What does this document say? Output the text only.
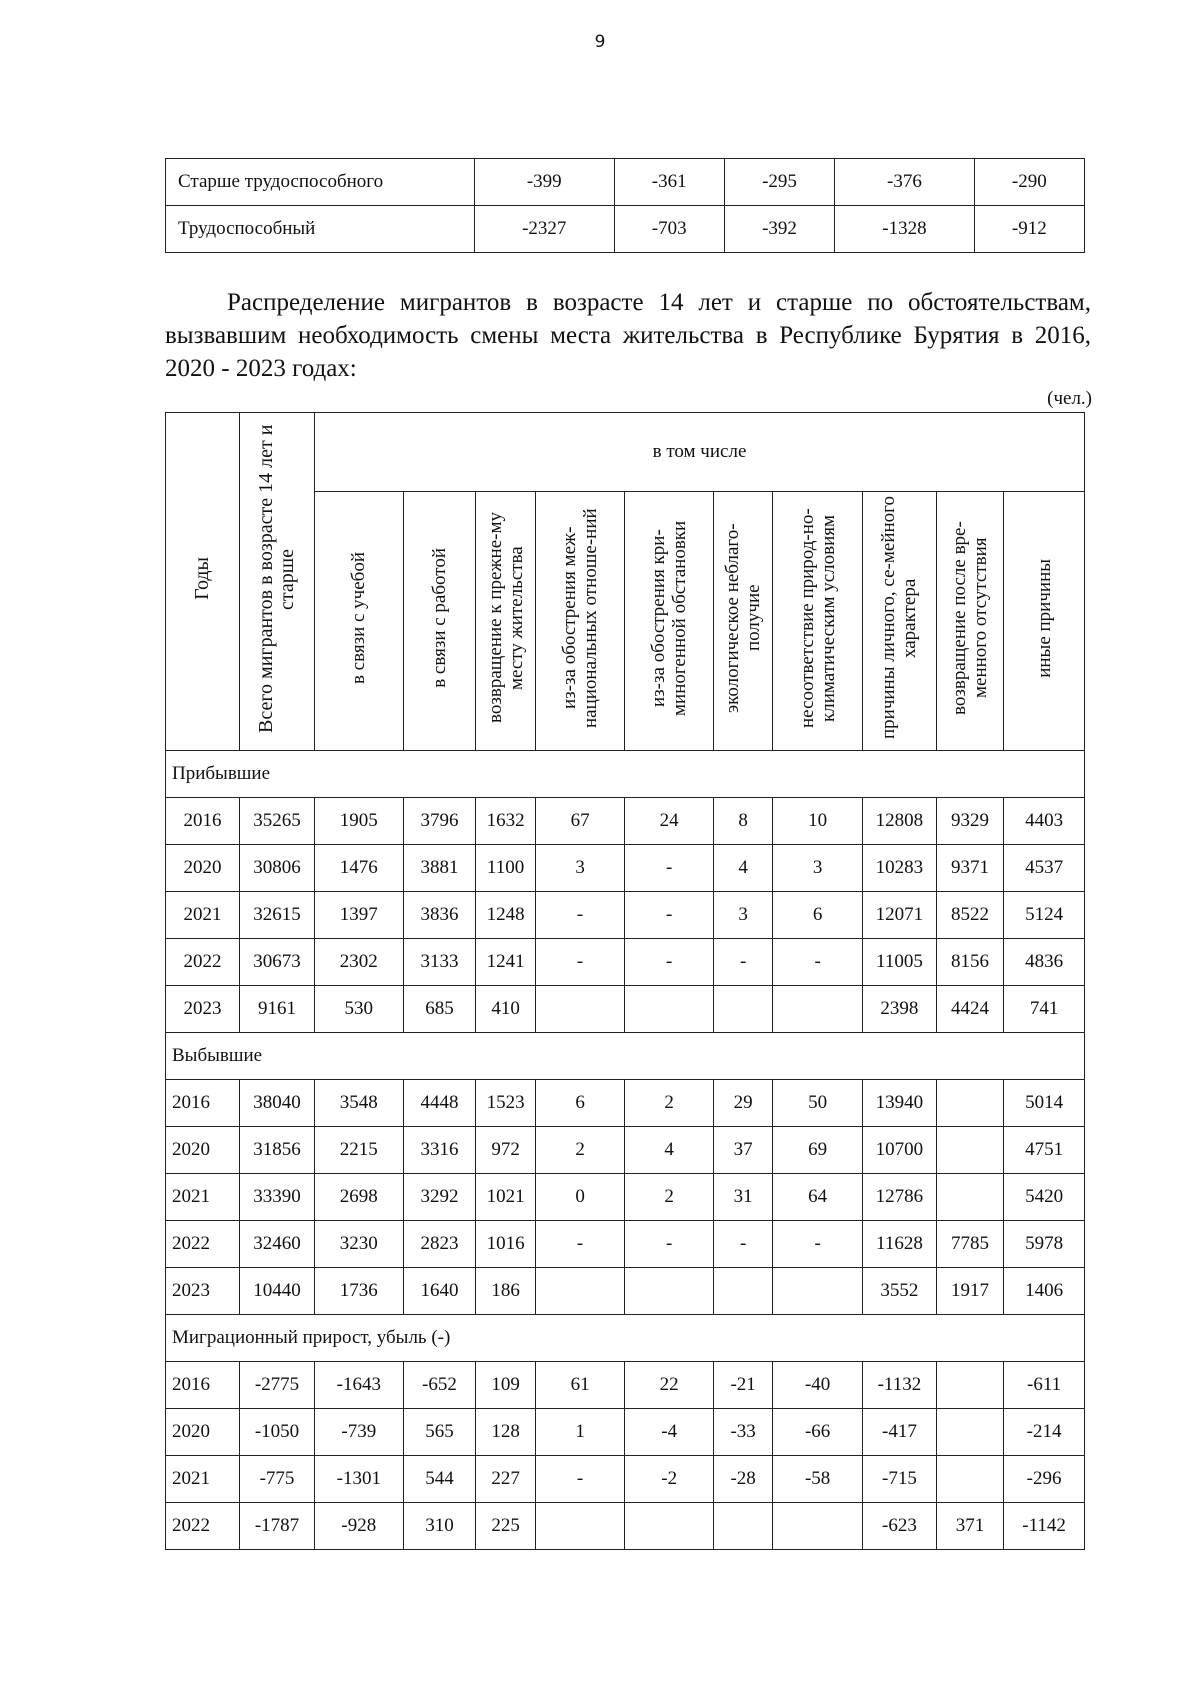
9
Старше трудоспособного	-399	-361	-295	-376	-290
Трудоспособный	-2327	-703	-392	-1328	-912
Распределение мигрантов в возрасте 14 лет и старше по обстоятельствам, вызвавшим необходимость смены места жительства в Республике Бурятия в 2016, 2020 - 2023 годах:
(чел.)
Годы	Всего мигрантов в возрасте 14 лет и старше	в том числе									
		в связи с учебой	в связи с работой	возвращение к прежне-му месту жительства	из-за обострения меж-национальных отноше-ний	из-за обострения кри-миногенной обстановки	экологическое неблаго-получие	несоответствие природ-но-климатическим условиям	причины личного, се-мейного характера	возвращение после вре-менного отсутствия	иные причины
Прибывшие											
2016	35265	1905	3796	1632	67	24	8	10	12808	9329	4403
2020	30806	1476	3881	1100	3	-	4	3	10283	9371	4537
2021	32615	1397	3836	1248	-	-	3	6	12071	8522	5124
2022	30673	2302	3133	1241	-	-	-	-	11005	8156	4836
2023	9161	530	685	410					2398	4424	741
Выбывшие											
2016	38040	3548	4448	1523	6	2	29	50	13940		5014
2020	31856	2215	3316	972	2	4	37	69	10700		4751
2021	33390	2698	3292	1021	0	2	31	64	12786		5420
2022	32460	3230	2823	1016	-	-	-	-	11628	7785	5978
2023	10440	1736	1640	186					3552	1917	1406
Миграционный прирост, убыль (-)											
2016	-2775	-1643	-652	109	61	22	-21	-40	-1132		-611
2020	-1050	-739	565	128	1	-4	-33	-66	-417		-214
2021	-775	-1301	544	227	-	-2	-28	-58	-715		-296
2022	-1787	-928	310	225					-623	371	-1142
